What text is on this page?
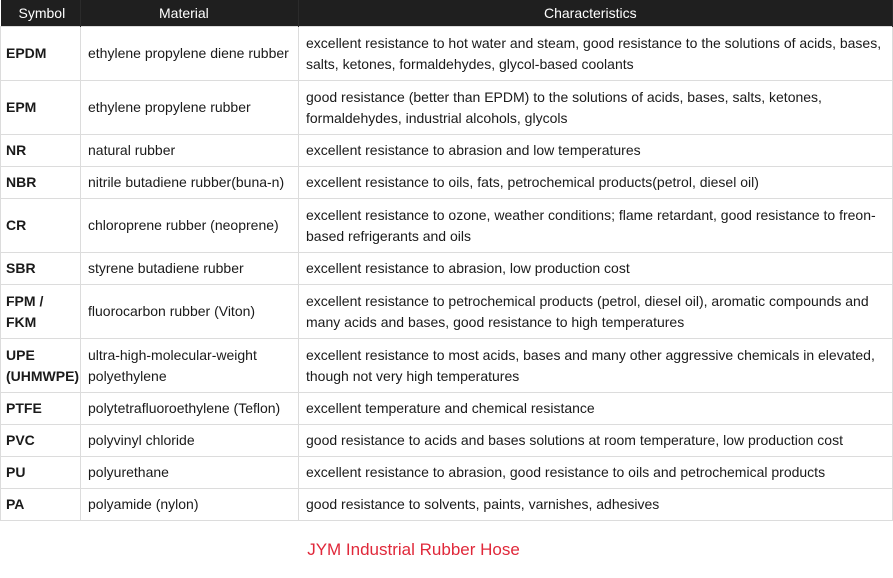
Symbol	Material	Characteristics
EPDM	ethylene propylene diene rubber	excellent resistance to hot water and steam, good resistance to the solutions of acids, bases, salts, ketones, formaldehydes, glycol-based coolants
EPM	ethylene propylene rubber	good resistance (better than EPDM) to the solutions of acids, bases, salts, ketones, formaldehydes, industrial alcohols, glycols
NR	natural rubber	excellent resistance to abrasion and low temperatures
NBR	nitrile butadiene rubber(buna-n)	excellent resistance to oils, fats, petrochemical products(petrol, diesel oil)
CR	chloroprene rubber (neoprene)	excellent resistance to ozone, weather conditions; flame retardant, good resistance to freon-based refrigerants and oils
SBR	styrene butadiene rubber	excellent resistance to abrasion, low production cost
FPM / FKM	fluorocarbon rubber (Viton)	excellent resistance to petrochemical products (petrol, diesel oil), aromatic compounds and many acids and bases, good resistance to high temperatures
UPE (UHMWPE)	ultra-high-molecular-weight polyethylene	excellent resistance to most acids, bases and many other aggressive chemicals in elevated, though not very high temperatures
PTFE	polytetrafluoroethylene (Teflon)	excellent temperature and chemical resistance
PVC	polyvinyl chloride	good resistance to acids and bases solutions at room temperature, low production cost
PU	polyurethane	excellent resistance to abrasion, good resistance to oils and petrochemical products
PA	polyamide (nylon)	good resistance to solvents, paints, varnishes, adhesives
JYM Industrial Rubber Hose
